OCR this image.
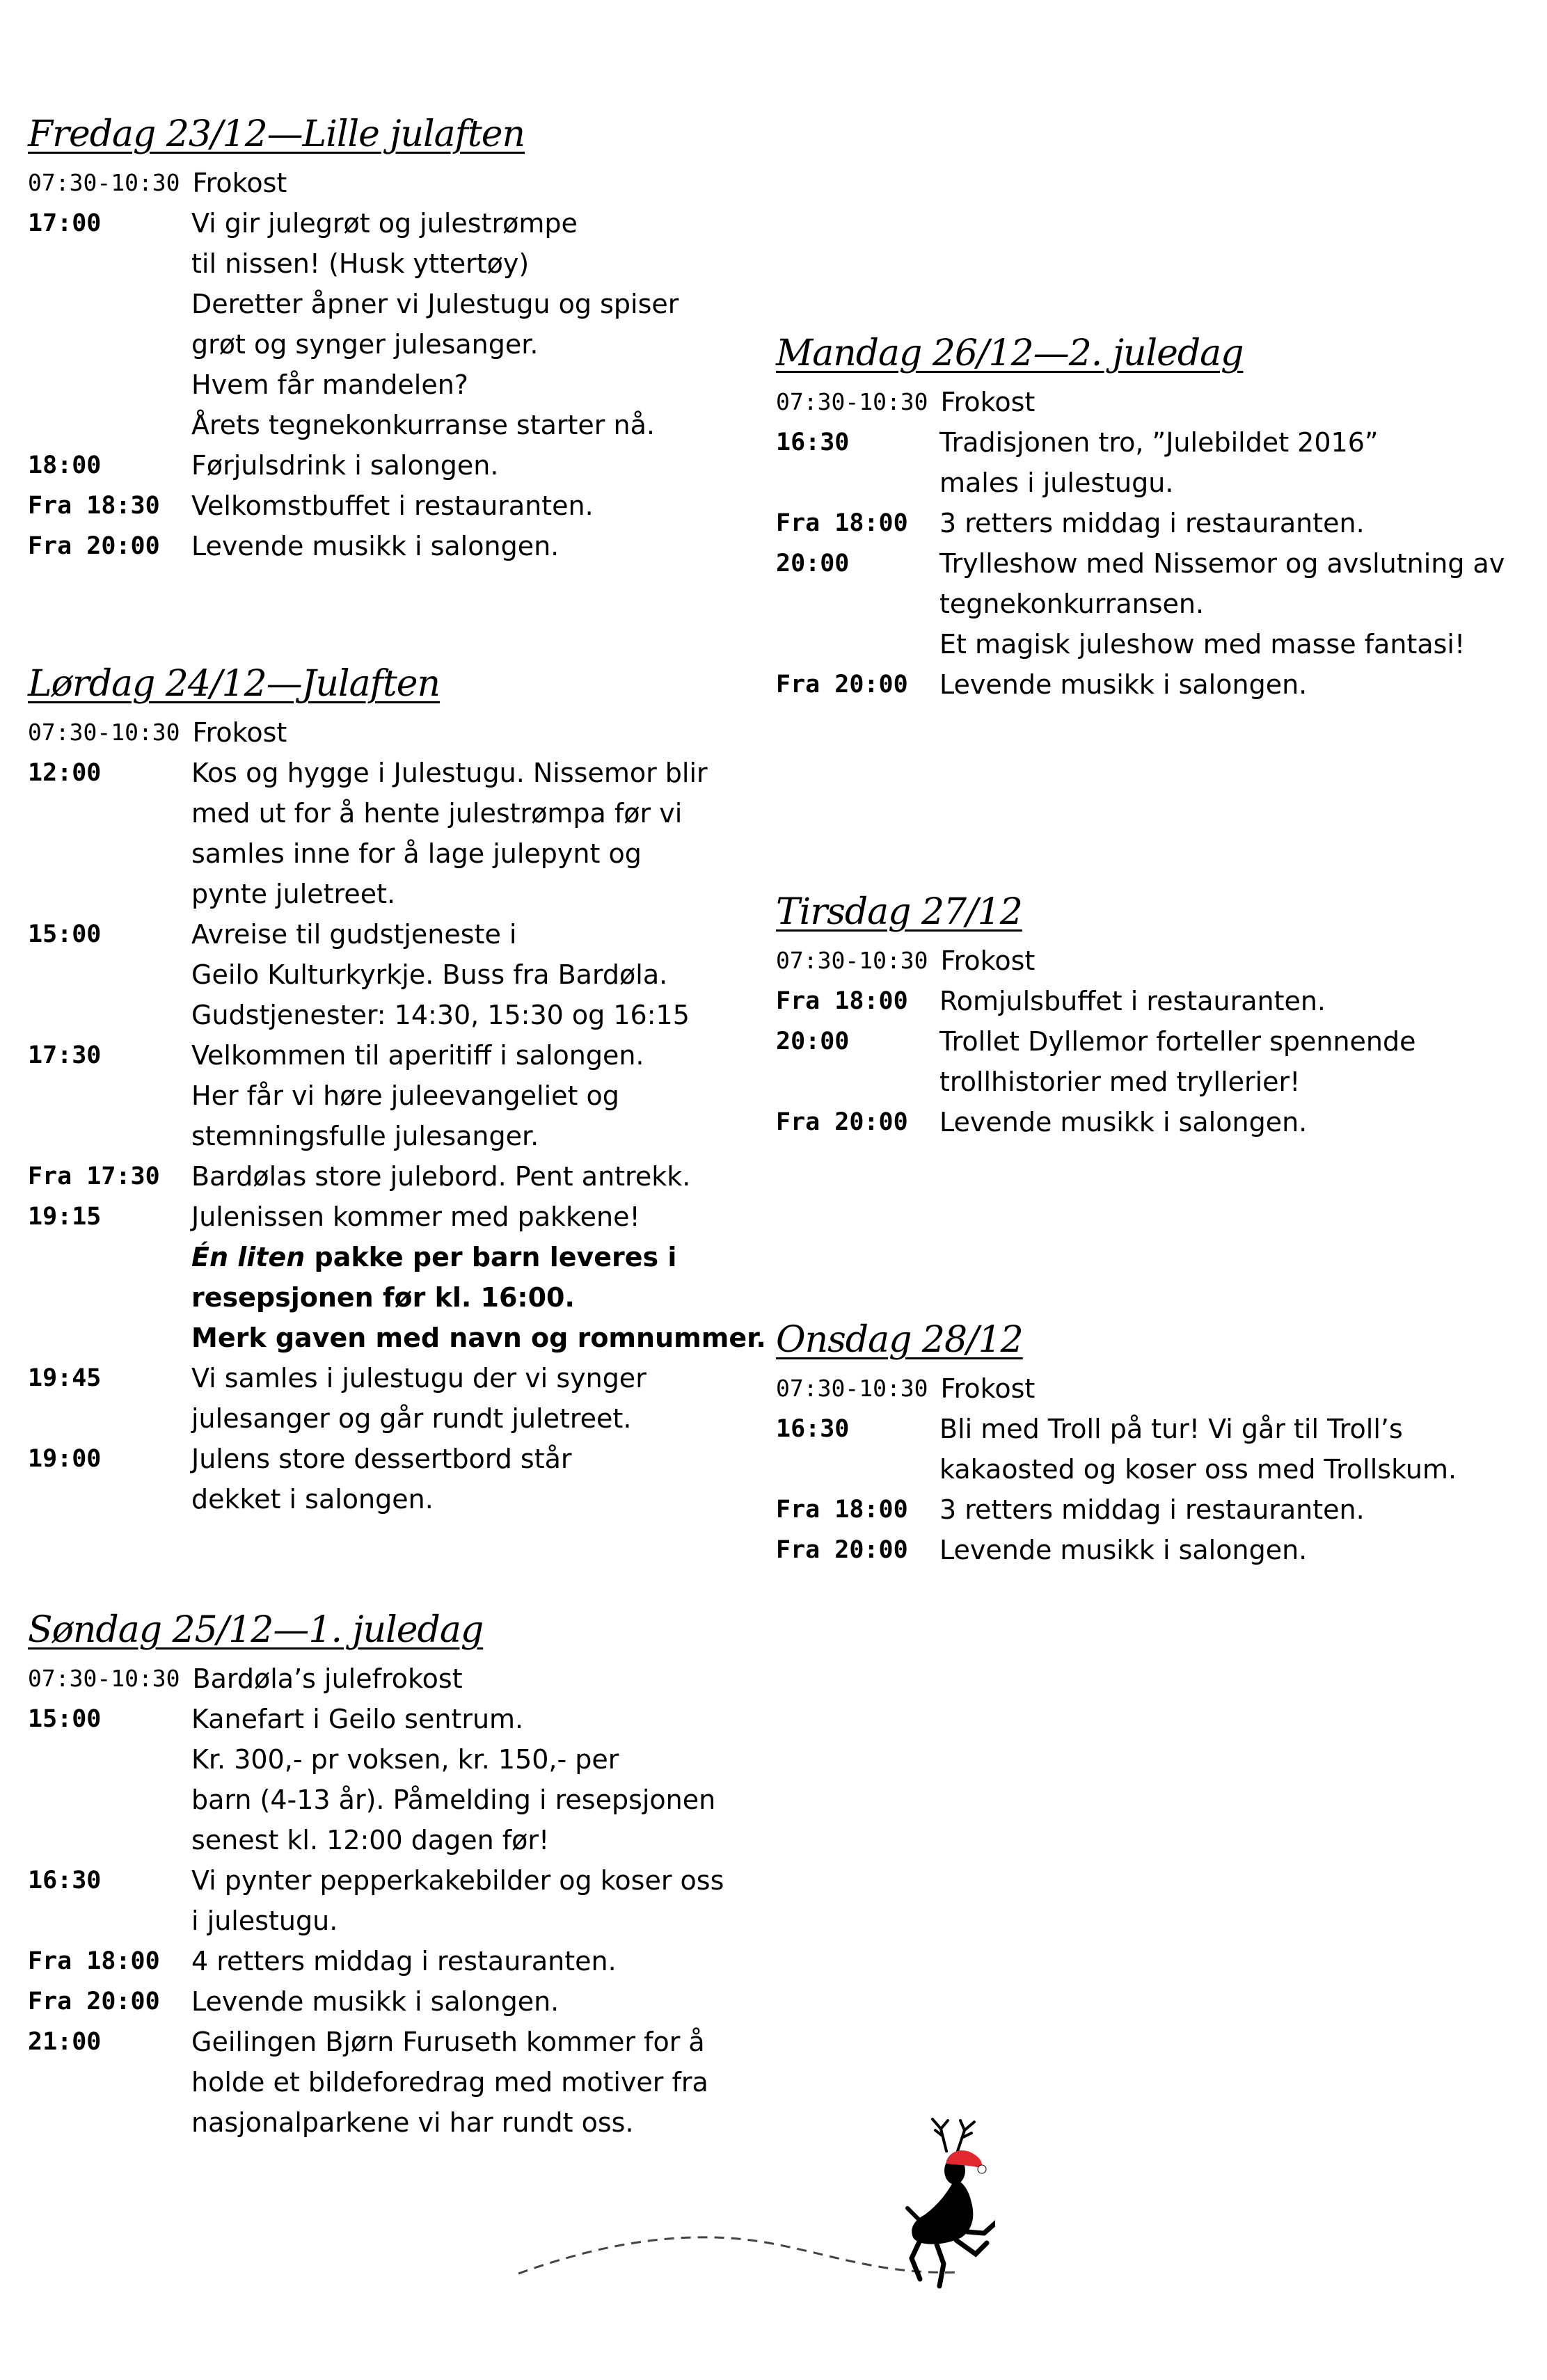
Fredag 23/12—Lille julaften
07:30-10:30 Frokost
17:00	Vi gir julegrøt og julestrømpe
til nissen! (Husk yttertøy)
Deretter åpner vi Julestugu og spiser
grøt og synger julesanger.
Hvem får mandelen?
Årets tegnekonkurranse starter nå.
18:00	Førjulsdrink i salongen.
Fra 18:30	Velkomstbuffet i restauranten.
Fra 20:00	Levende musikk i salongen.
Lørdag 24/12—Julaften
07:30-10:30 Frokost
12:00	Kos og hygge i Julestugu. Nissemor blir
med ut for å hente julestrømpa før vi
samles inne for å lage julepynt og
pynte juletreet.
15:00	Avreise til gudstjeneste i
Geilo Kulturkyrkje. Buss fra Bardøla.
Gudstjenester: 14:30, 15:30 og 16:15
17:30	Velkommen til aperitiff i salongen.
Her får vi høre juleevangeliet og
stemningsfulle julesanger.
Fra 17:30	Bardølas store julebord. Pent antrekk.
19:15	Julenissen kommer med pakkene!
Én liten pakke per barn leveres i
resepsjonen før kl. 16:00.
Merk gaven med navn og romnummer.
19:45	Vi samles i julestugu der vi synger
julesanger og går rundt juletreet.
19:00	Julens store dessertbord står
dekket i salongen.
Søndag 25/12—1. juledag
07:30-10:30 Bardøla’s julefrokost
15:00	Kanefart i Geilo sentrum.
Kr. 300,- pr voksen, kr. 150,- per
barn (4-13 år). Påmelding i resepsjonen
senest kl. 12:00 dagen før!
16:30	Vi pynter pepperkakebilder og koser oss
i julestugu.
Fra 18:00	4 retters middag i restauranten.
Fra 20:00	Levende musikk i salongen.
21:00	Geilingen Bjørn Furuseth kommer for å
holde et bildeforedrag med motiver fra
nasjonalparkene vi har rundt oss.
Mandag 26/12—2. juledag
07:30-10:30 Frokost
16:30	Tradisjonen tro, ”Julebildet 2016”
males i julestugu.
Fra 18:00	3 retters middag i restauranten.
20:00	Trylleshow med Nissemor og avslutning av
tegnekonkurransen.
Et magisk juleshow med masse fantasi!
Fra 20:00	Levende musikk i salongen.
Tirsdag 27/12
07:30-10:30 Frokost
Fra 18:00	Romjulsbuffet i restauranten.
20:00	Trollet Dyllemor forteller spennende
trollhistorier med tryllerier!
Fra 20:00	Levende musikk i salongen.
Onsdag 28/12
07:30-10:30 Frokost
16:30	Bli med Troll på tur! Vi går til Troll’s
kakaosted og koser oss med Trollskum.
Fra 18:00	3 retters middag i restauranten.
Fra 20:00	Levende musikk i salongen.
